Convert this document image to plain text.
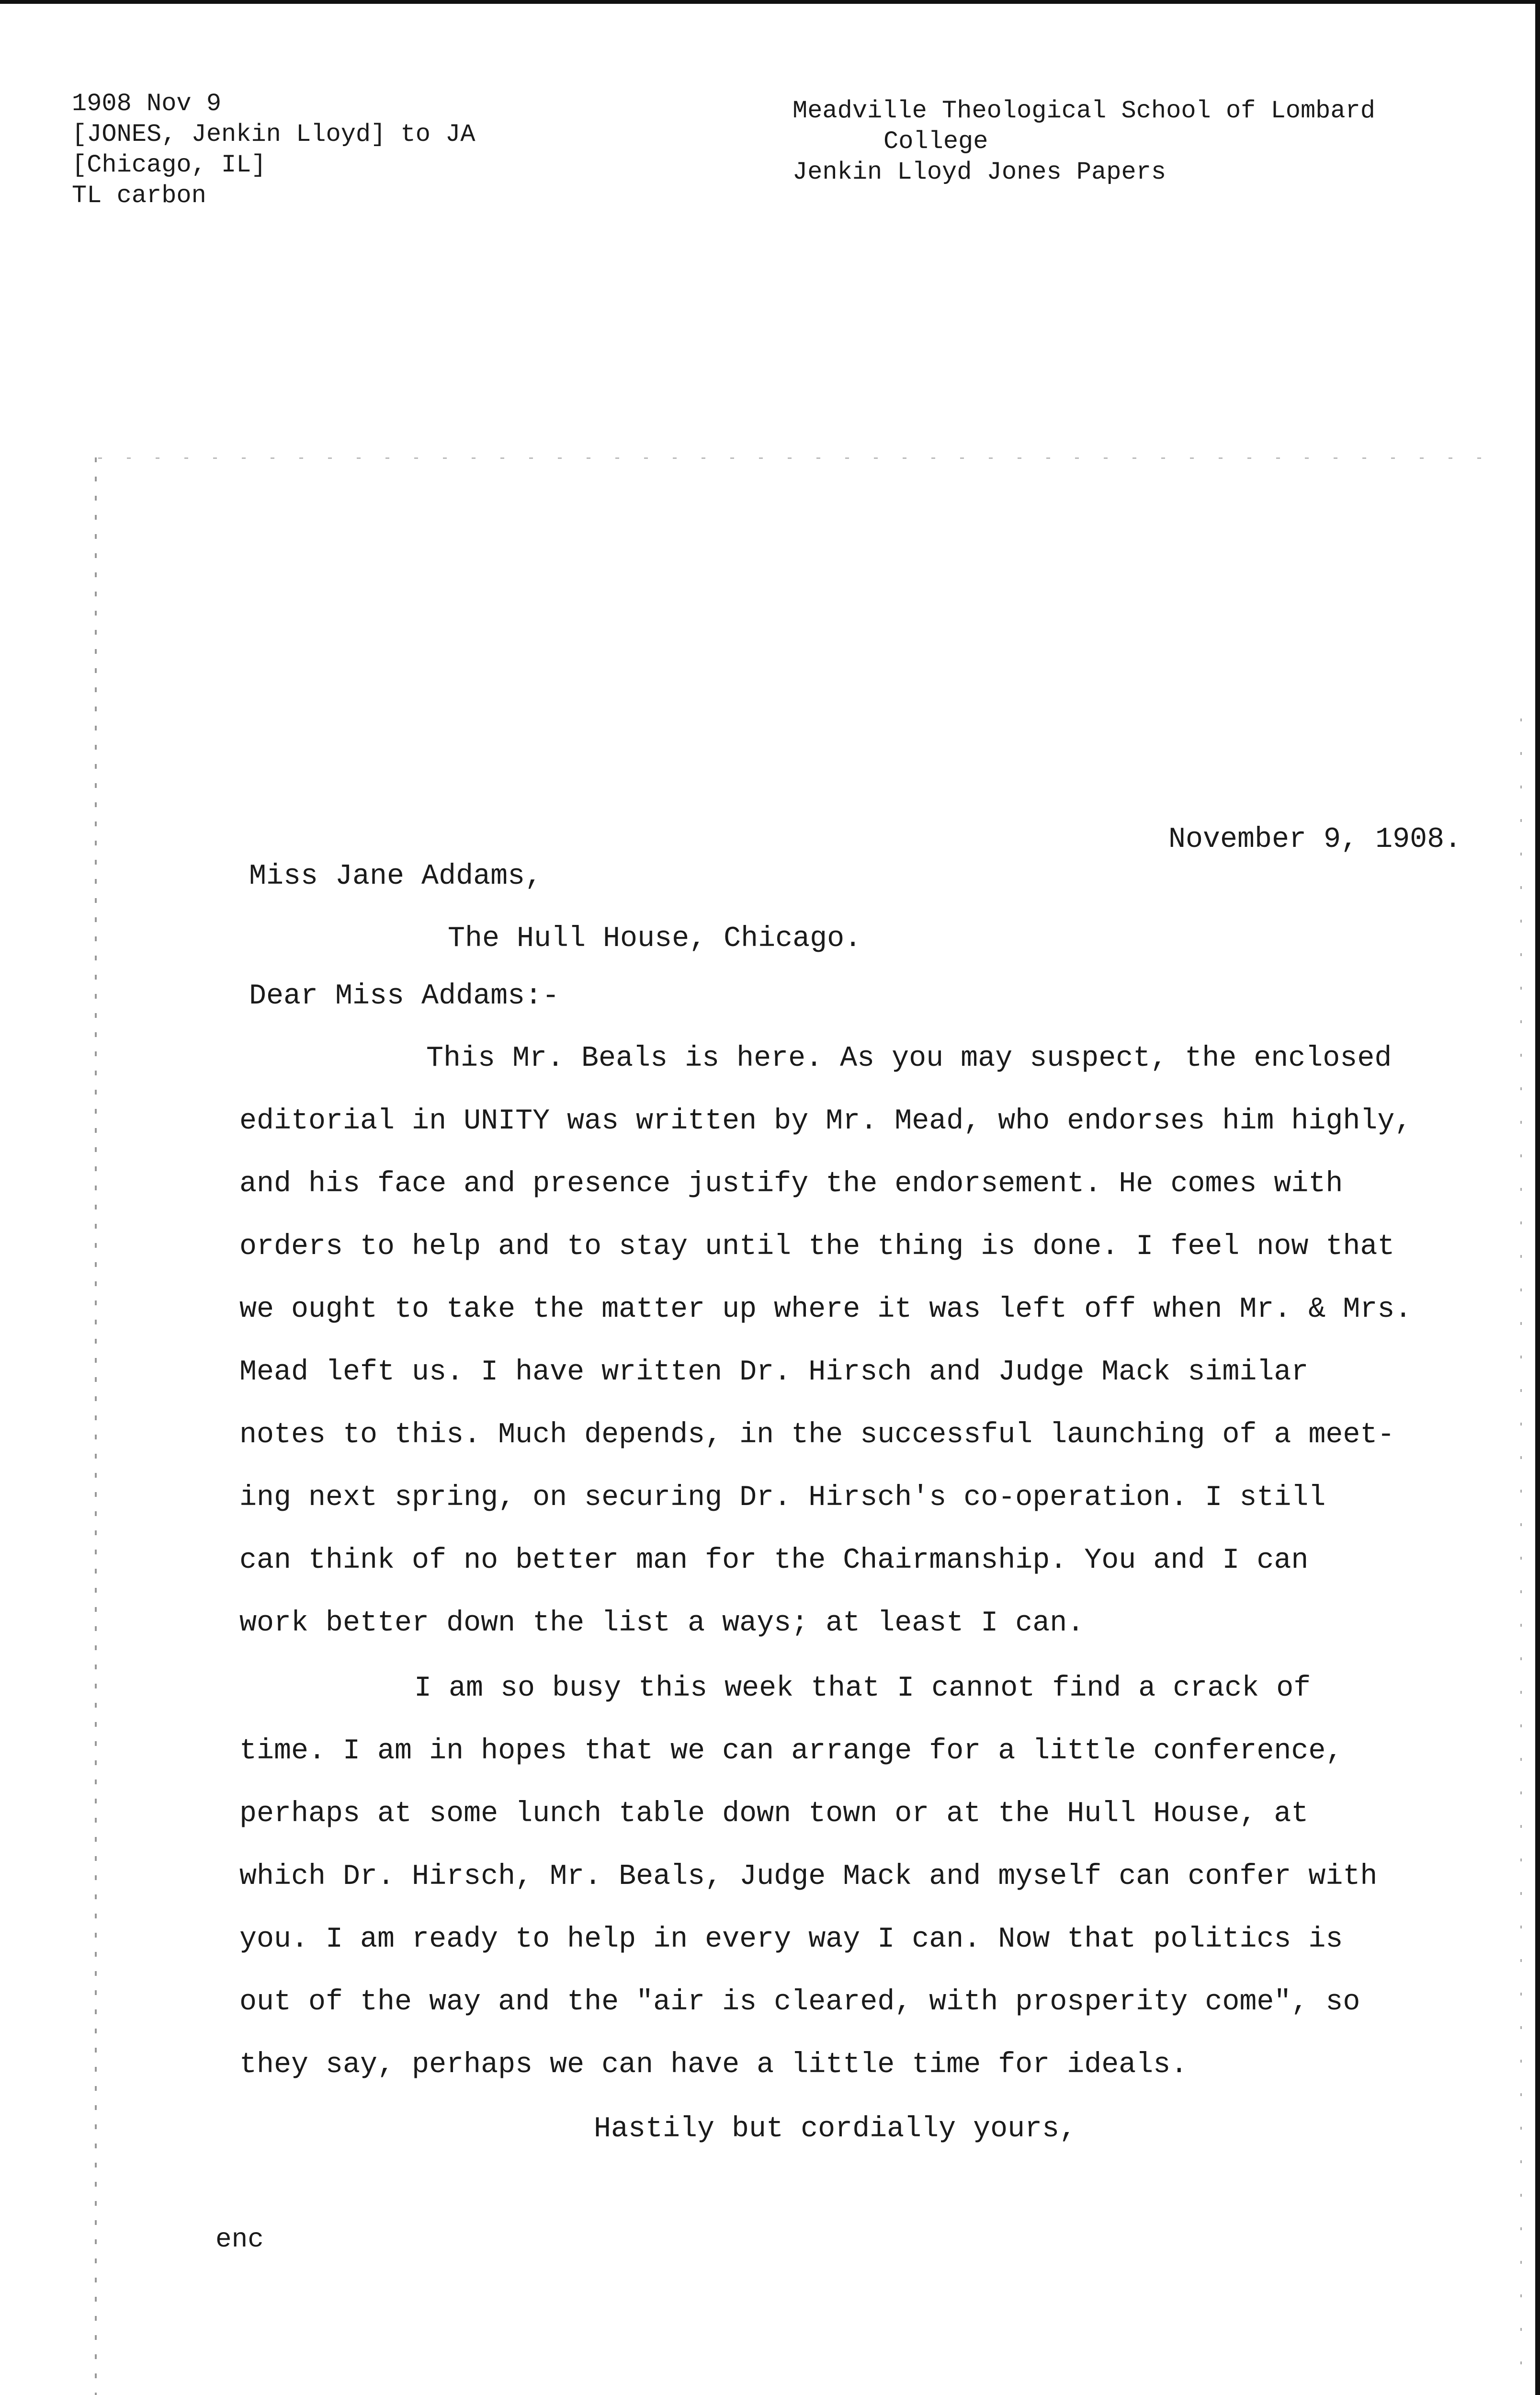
1908 Nov 9
[JONES, Jenkin Lloyd] to JA
[Chicago, IL]
TL carbon
Meadville Theological School of Lombard
College
Jenkin Lloyd Jones Papers
November 9, 1908.
Miss Jane Addams,
The Hull House, Chicago.
Dear Miss Addams:-
This Mr. Beals is here. As you may suspect, the enclosed
editorial in UNITY was written by Mr. Mead, who endorses him highly,
and his face and presence justify the endorsement. He comes with
orders to help and to stay until the thing is done. I feel now that
we ought to take the matter up where it was left off when Mr. & Mrs.
Mead left us. I have written Dr. Hirsch and Judge Mack similar
notes to this. Much depends, in the successful launching of a meet-
ing next spring, on securing Dr. Hirsch's co-operation. I still
can think of no better man for the Chairmanship. You and I can
work better down the list a ways; at least I can.
I am so busy this week that I cannot find a crack of
time. I am in hopes that we can arrange for a little conference,
perhaps at some lunch table down town or at the Hull House, at
which Dr. Hirsch, Mr. Beals, Judge Mack and myself can confer with
you. I am ready to help in every way I can. Now that politics is
out of the way and the "air is cleared, with prosperity come", so
they say, perhaps we can have a little time for ideals.
Hastily but cordially yours,
enc
